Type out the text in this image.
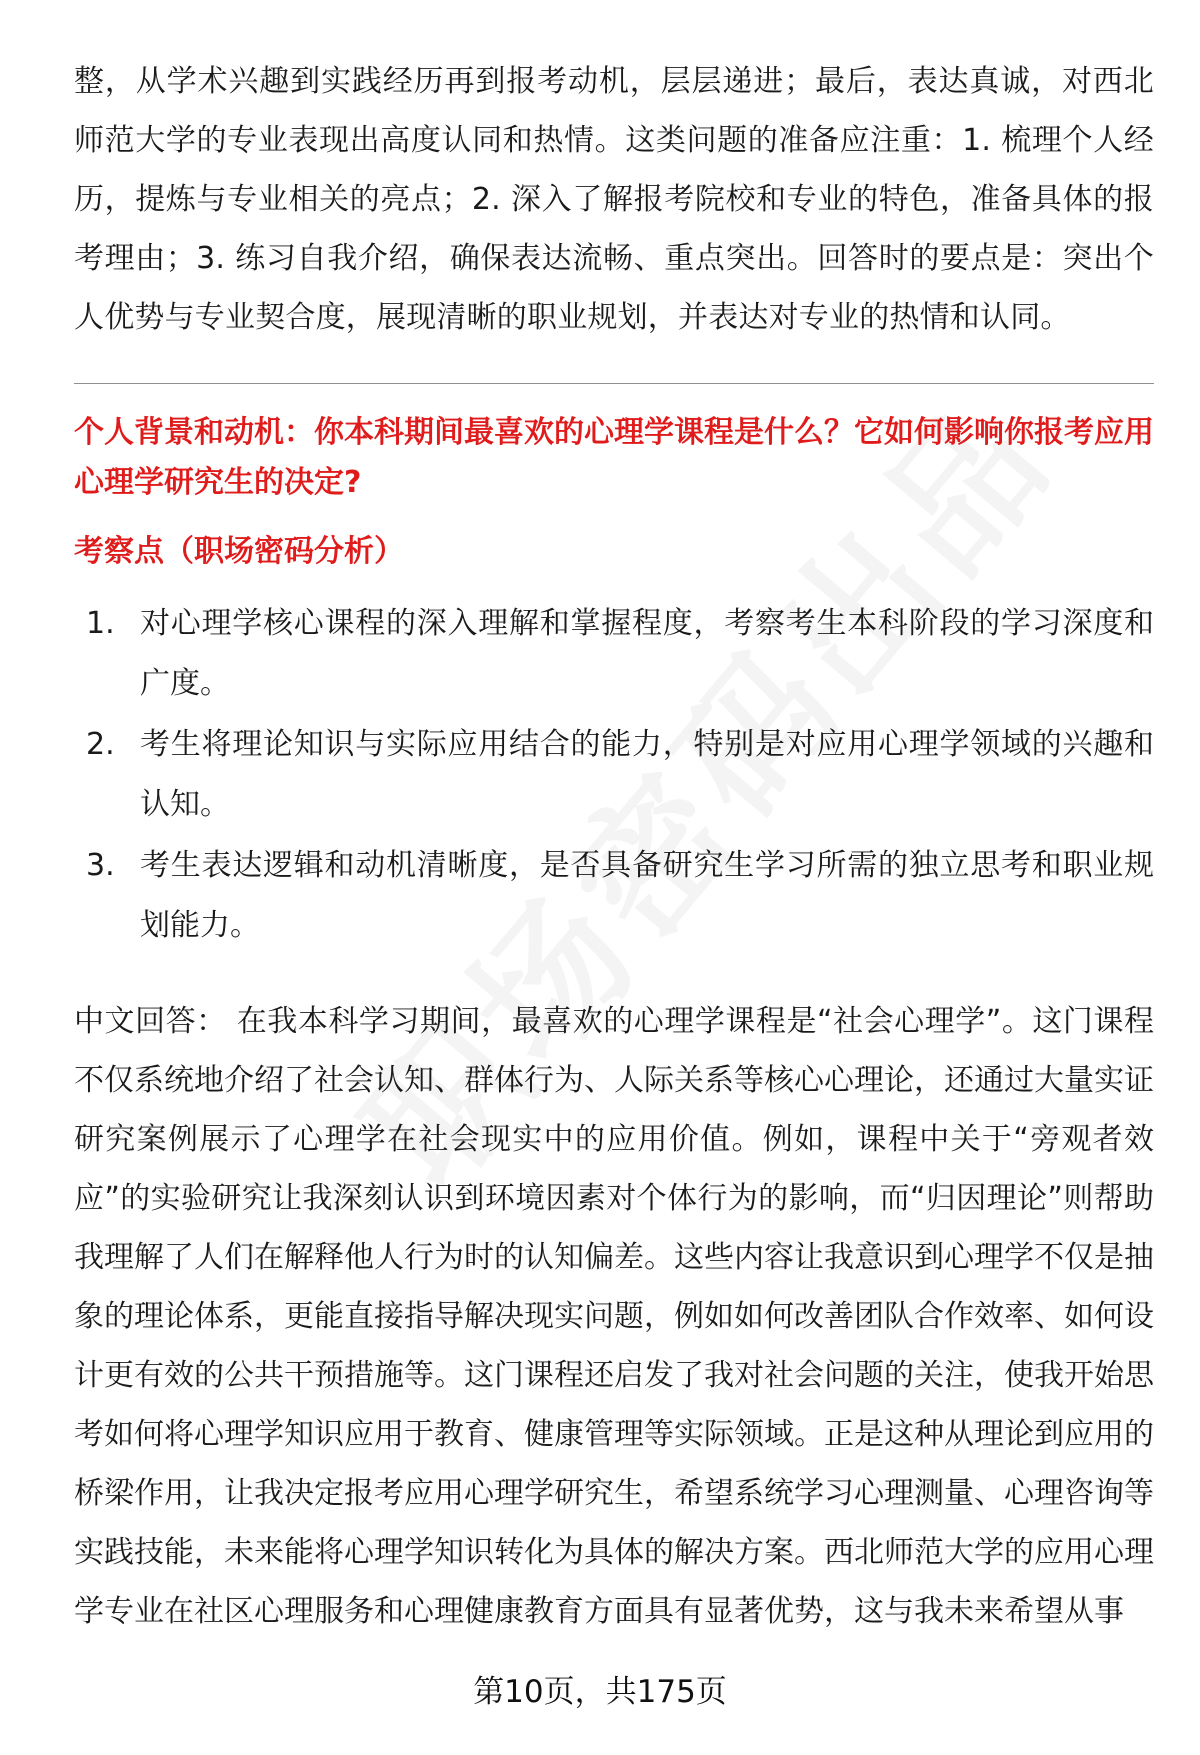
整，从学术兴趣到实践经历再到报考动机，层层递进；最后，表达真诚，对西北师范大学的专业表现出高度认同和热情。这类问题的准备应注重：1. 梳理个人经历，提炼与专业相关的亮点；2. 深入了解报考院校和专业的特色，准备具体的报考理由；3. 练习自我介绍，确保表达流畅、重点突出。回答时的要点是：突出个人优势与专业契合度，展现清晰的职业规划，并表达对专业的热情和认同。

个人背景和动机：你本科期间最喜欢的心理学课程是什么？它如何影响你报考应用心理学研究生的决定?

考察点（职场密码分析）

1. 对心理学核心课程的深入理解和掌握程度，考察考生本科阶段的学习深度和广度。
2. 考生将理论知识与实际应用结合的能力，特别是对应用心理学领域的兴趣和认知。
3. 考生表达逻辑和动机清晰度，是否具备研究生学习所需的独立思考和职业规划能力。

中文回答： 在我本科学习期间，最喜欢的心理学课程是“社会心理学”。这门课程不仅系统地介绍了社会认知、群体行为、人际关系等核心心理论，还通过大量实证研究案例展示了心理学在社会现实中的应用价值。例如，课程中关于“旁观者效应”的实验研究让我深刻认识到环境因素对个体行为的影响，而“归因理论”则帮助我理解了人们在解释他人行为时的认知偏差。这些内容让我意识到心理学不仅是抽象的理论体系，更能直接指导解决现实问题，例如如何改善团队合作效率、如何设计更有效的公共干预措施等。这门课程还启发了我对社会问题的关注，使我开始思考如何将心理学知识应用于教育、健康管理等实际领域。正是这种从理论到应用的桥梁作用，让我决定报考应用心理学研究生，希望系统学习心理测量、心理咨询等实践技能，未来能将心理学知识转化为具体的解决方案。西北师范大学的应用心理学专业在社区心理服务和心理健康教育方面具有显著优势，这与我未来希望从事

第10页，共175页
